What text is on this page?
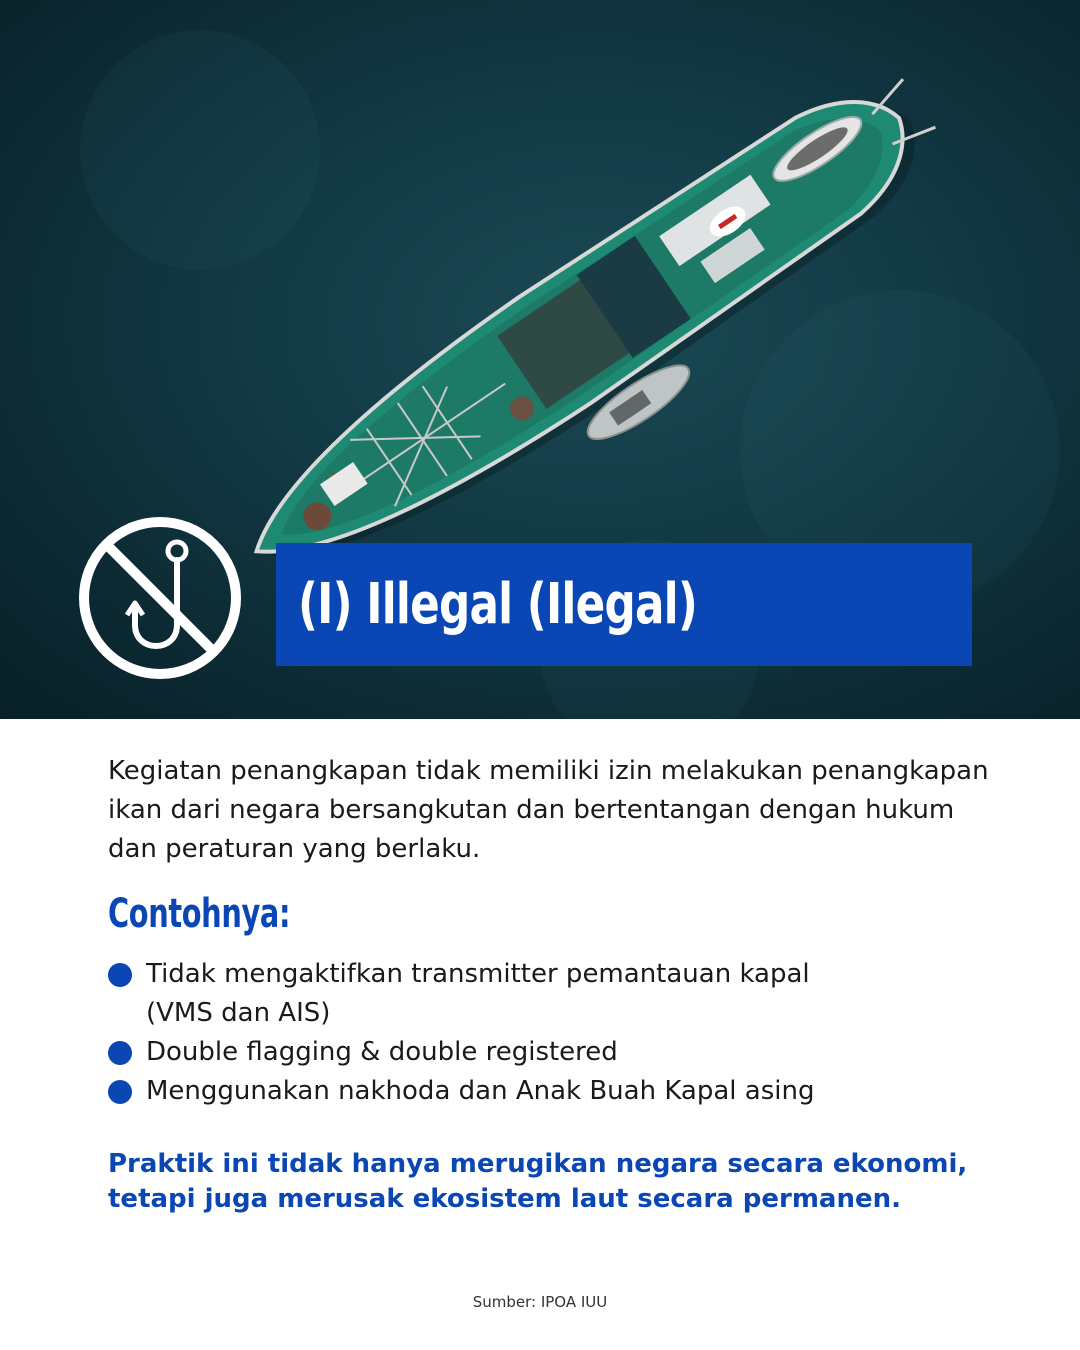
(I) Illegal (Ilegal)

Kegiatan penangkapan tidak memiliki izin melakukan penangkapan ikan dari negara bersangkutan dan bertentangan dengan hukum dan peraturan yang berlaku.

Contohnya:
Tidak mengaktifkan transmitter pemantauan kapal (VMS dan AIS)
Double flagging & double registered
Menggunakan nakhoda dan Anak Buah Kapal asing

Praktik ini tidak hanya merugikan negara secara ekonomi, tetapi juga merusak ekosistem laut secara permanen.

Sumber: IPOA IUU
